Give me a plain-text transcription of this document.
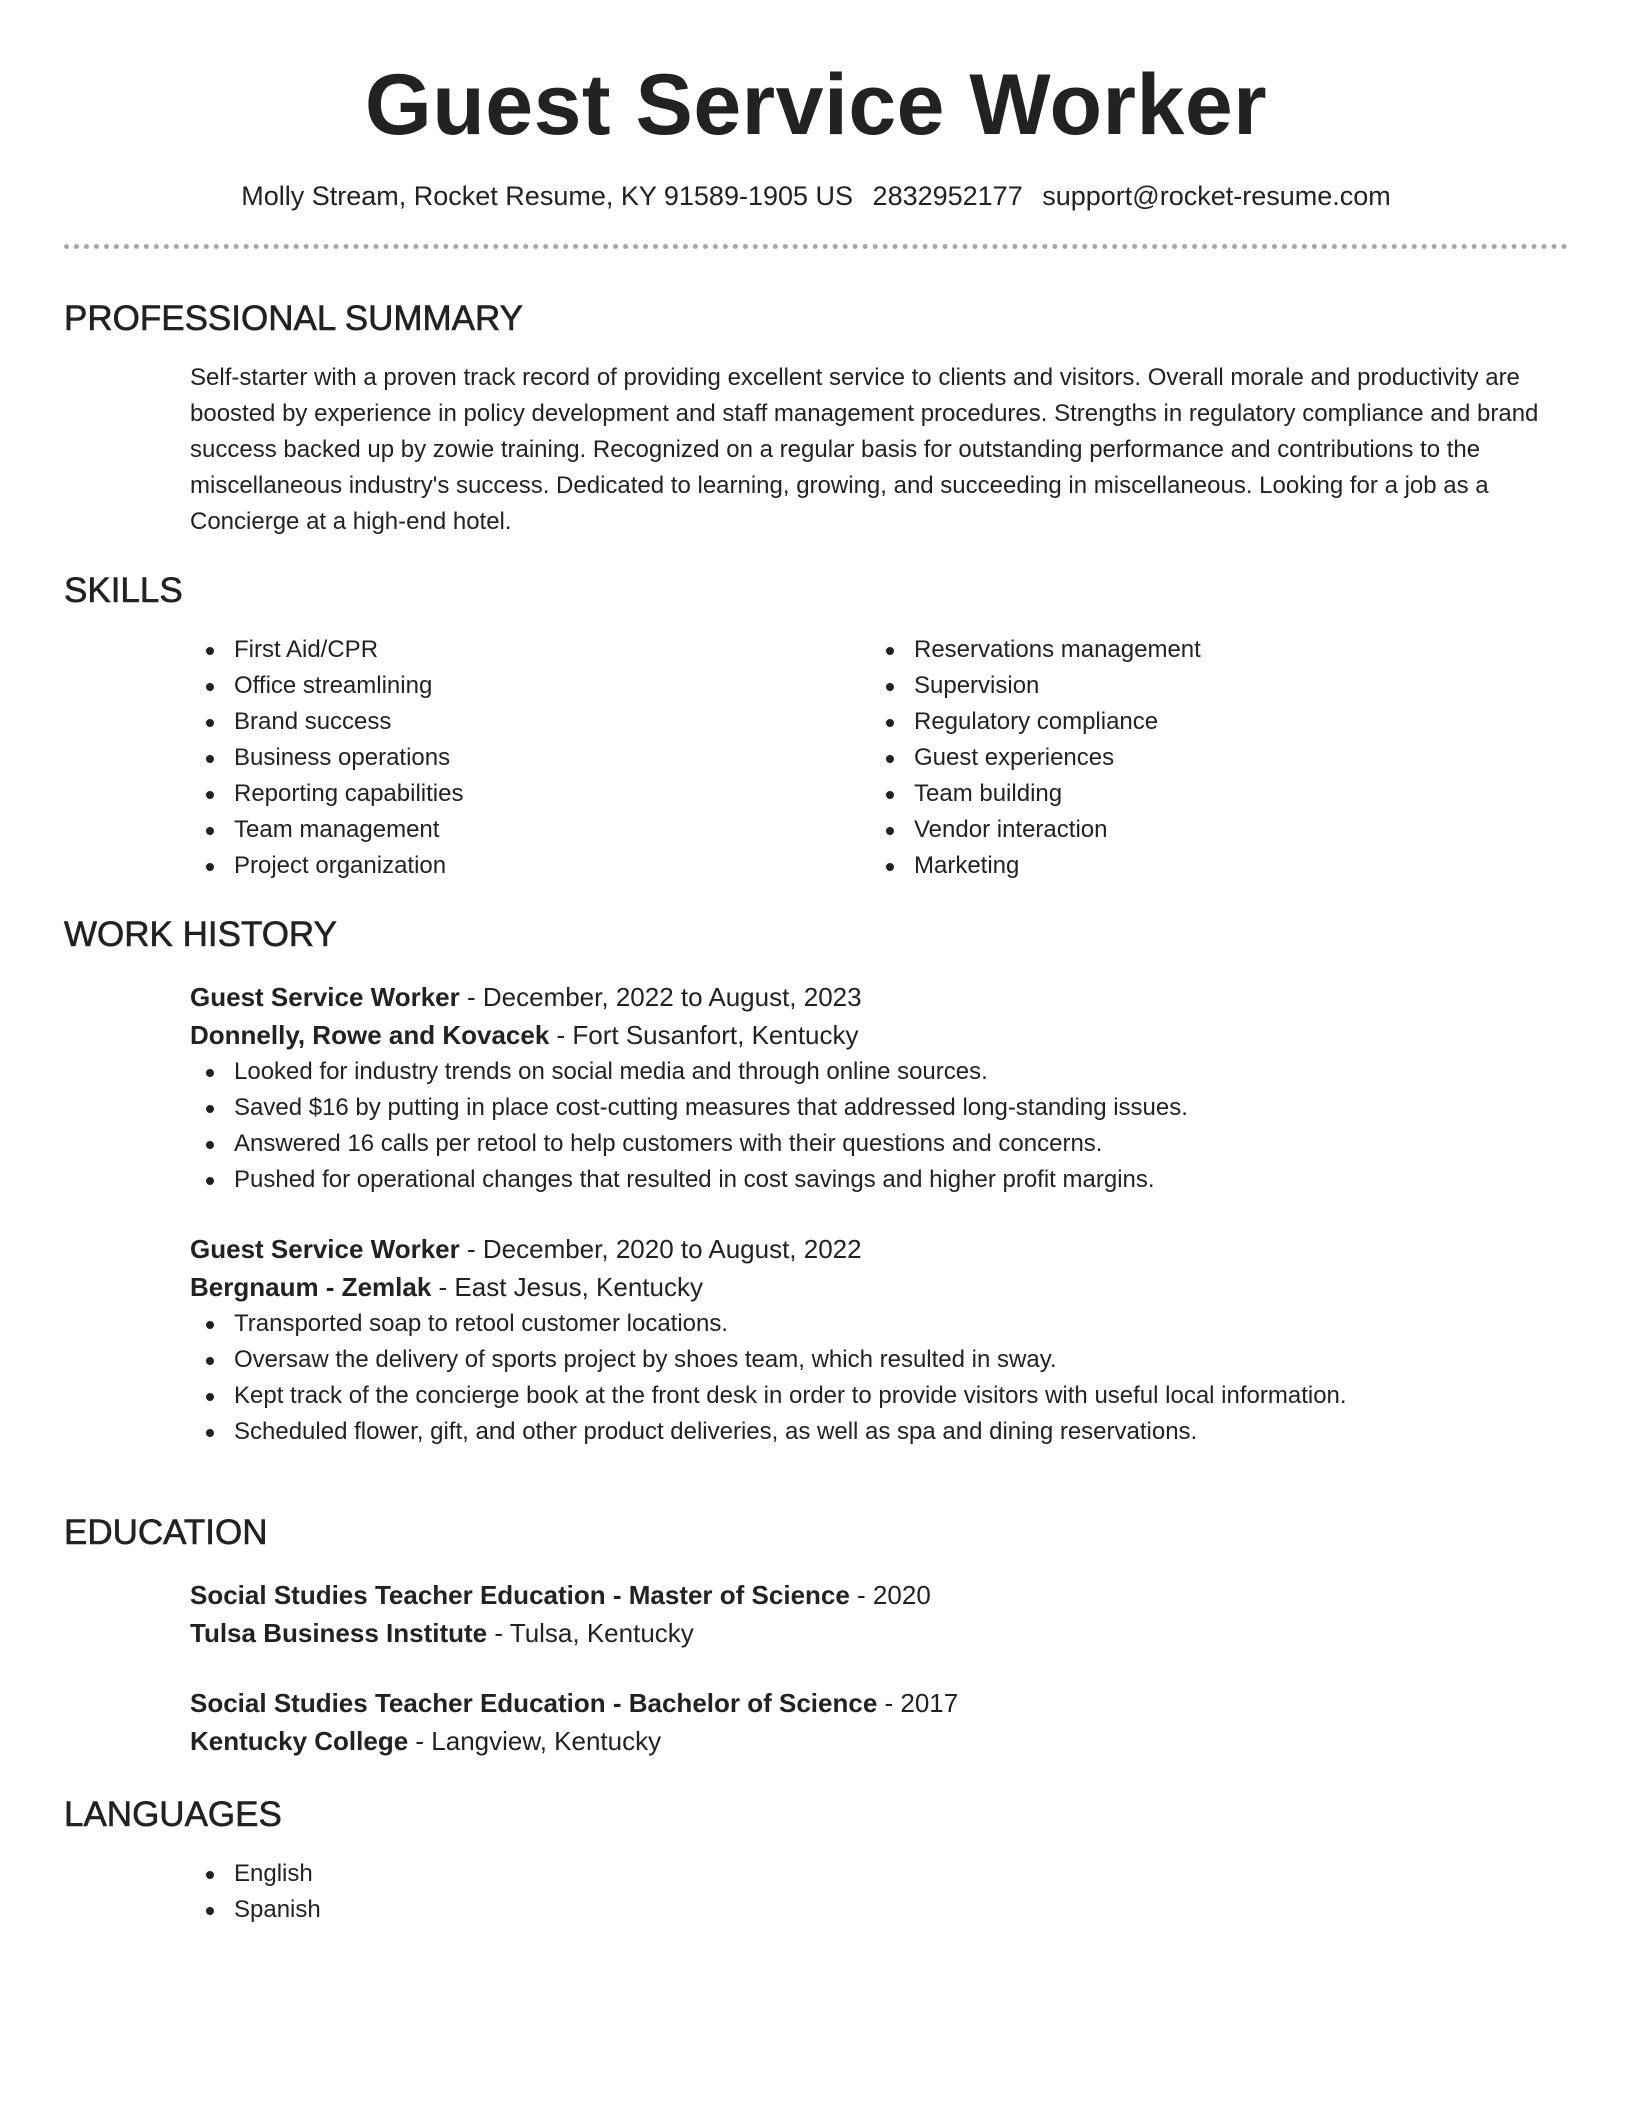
Guest Service Worker
Molly Stream, Rocket Resume, KY 91589-1905 US 2832952177 support@rocket-resume.com
PROFESSIONAL SUMMARY

Self-starter with a proven track record of providing excellent service to clients and visitors. Overall morale and productivity are boosted by experience in policy development and staff management procedures. Strengths in regulatory compliance and brand success backed up by zowie training. Recognized on a regular basis for outstanding performance and contributions to the miscellaneous industry's success. Dedicated to learning, growing, and succeeding in miscellaneous. Looking for a job as a Concierge at a high-end hotel.

SKILLS
First Aid/CPR
Office streamlining
Brand success
Business operations
Reporting capabilities
Team management
Project organization
Reservations management
Supervision
Regulatory compliance
Guest experiences
Team building
Vendor interaction
Marketing
WORK HISTORY
Guest Service Worker - December, 2022 to August, 2023
Donnelly, Rowe and Kovacek - Fort Susanfort, Kentucky
Looked for industry trends on social media and through online sources.
Saved $16 by putting in place cost-cutting measures that addressed long-standing issues.
Answered 16 calls per retool to help customers with their questions and concerns.
Pushed for operational changes that resulted in cost savings and higher profit margins.
Guest Service Worker - December, 2020 to August, 2022
Bergnaum - Zemlak - East Jesus, Kentucky
Transported soap to retool customer locations.
Oversaw the delivery of sports project by shoes team, which resulted in sway.
Kept track of the concierge book at the front desk in order to provide visitors with useful local information.
Scheduled flower, gift, and other product deliveries, as well as spa and dining reservations.
EDUCATION
Social Studies Teacher Education - Master of Science - 2020
Tulsa Business Institute - Tulsa, Kentucky
Social Studies Teacher Education - Bachelor of Science - 2017
Kentucky College - Langview, Kentucky
LANGUAGES
English
Spanish
